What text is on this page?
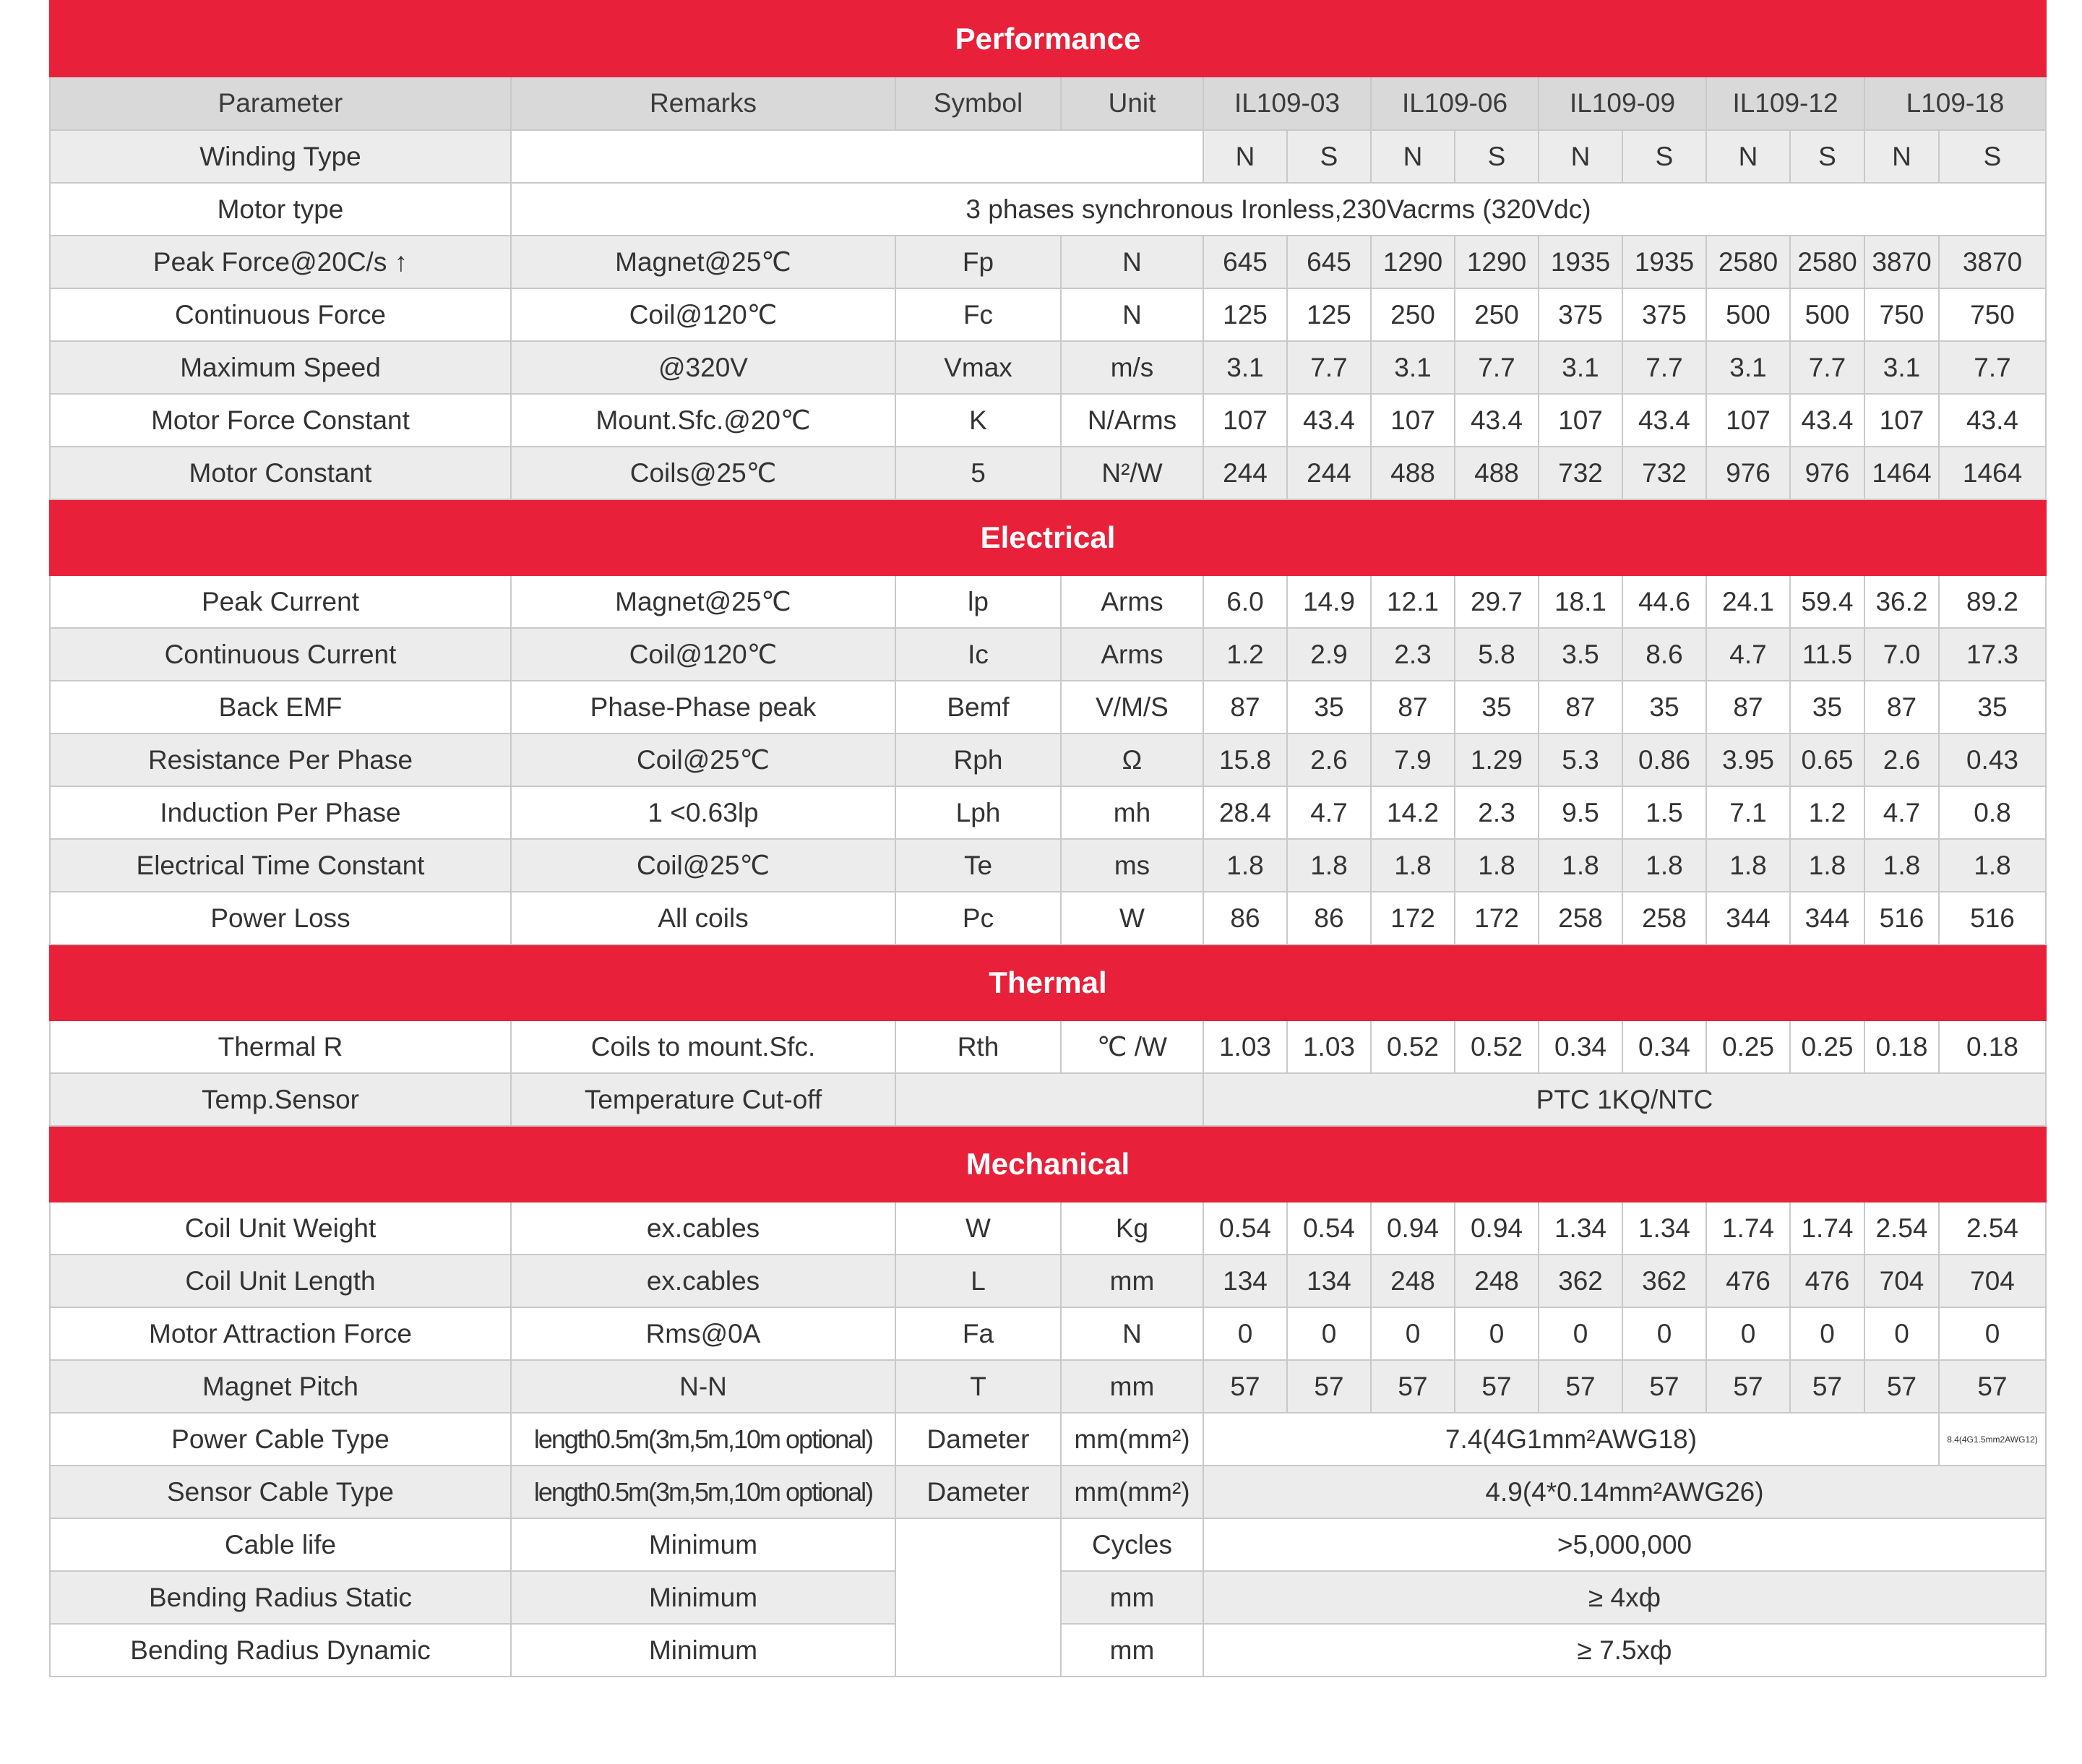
Performance													
Parameter	Remarks	Symbol	Unit	IL109-03		IL109-06		IL109-09		IL109-12		L109-18	
Winding Type				N	S	N	S	N	S	N	S	N	S
Motor type	3 phases synchronous Ironless,230Vacrms (320Vdc)												
Peak Force@20C/s ↑	Magnet@25℃	Fp	N	645	645	1290	1290	1935	1935	2580	2580	3870	3870
Continuous Force	Coil@120℃	Fc	N	125	125	250	250	375	375	500	500	750	750
Maximum Speed	@320V	Vmax	m/s	3.1	7.7	3.1	7.7	3.1	7.7	3.1	7.7	3.1	7.7
Motor Force Constant	Mount.Sfc.@20℃	K	N/Arms	107	43.4	107	43.4	107	43.4	107	43.4	107	43.4
Motor Constant	Coils@25℃	5	N²/W	244	244	488	488	732	732	976	976	1464	1464
Electrical													
Peak Current	Magnet@25℃	lp	Arms	6.0	14.9	12.1	29.7	18.1	44.6	24.1	59.4	36.2	89.2
Continuous Current	Coil@120℃	Ic	Arms	1.2	2.9	2.3	5.8	3.5	8.6	4.7	11.5	7.0	17.3
Back EMF	Phase-Phase peak	Bemf	V/M/S	87	35	87	35	87	35	87	35	87	35
Resistance Per Phase	Coil@25℃	Rph	Ω	15.8	2.6	7.9	1.29	5.3	0.86	3.95	0.65	2.6	0.43
Induction Per Phase	1 <0.63lp	Lph	mh	28.4	4.7	14.2	2.3	9.5	1.5	7.1	1.2	4.7	0.8
Electrical Time Constant	Coil@25℃	Te	ms	1.8	1.8	1.8	1.8	1.8	1.8	1.8	1.8	1.8	1.8
Power Loss	All coils	Pc	W	86	86	172	172	258	258	344	344	516	516
Thermal													
Thermal R	Coils to mount.Sfc.	Rth	℃ /W	1.03	1.03	0.52	0.52	0.34	0.34	0.25	0.25	0.18	0.18
Temp.Sensor	Temperature Cut-off			PTC 1KQ/NTC									
Mechanical													
Coil Unit Weight	ex.cables	W	Kg	0.54	0.54	0.94	0.94	1.34	1.34	1.74	1.74	2.54	2.54
Coil Unit Length	ex.cables	L	mm	134	134	248	248	362	362	476	476	704	704
Motor Attraction Force	Rms@0A	Fa	N	0	0	0	0	0	0	0	0	0	0
Magnet Pitch	N-N	T	mm	57	57	57	57	57	57	57	57	57	57
Power Cable Type	length0.5m(3m,5m,10m optional)	Dameter	mm(mm²)	7.4(4G1mm²AWG18)									8.4(4G1.5mm2AWG12)
Sensor Cable Type	length0.5m(3m,5m,10m optional)	Dameter	mm(mm²)	4.9(4*0.14mm²AWG26)									
Cable life	Minimum		Cycles	>5,000,000									
Bending Radius Static	Minimum		mm	≥ 4xф									
Bending Radius Dynamic	Minimum		mm	≥ 7.5xф									
